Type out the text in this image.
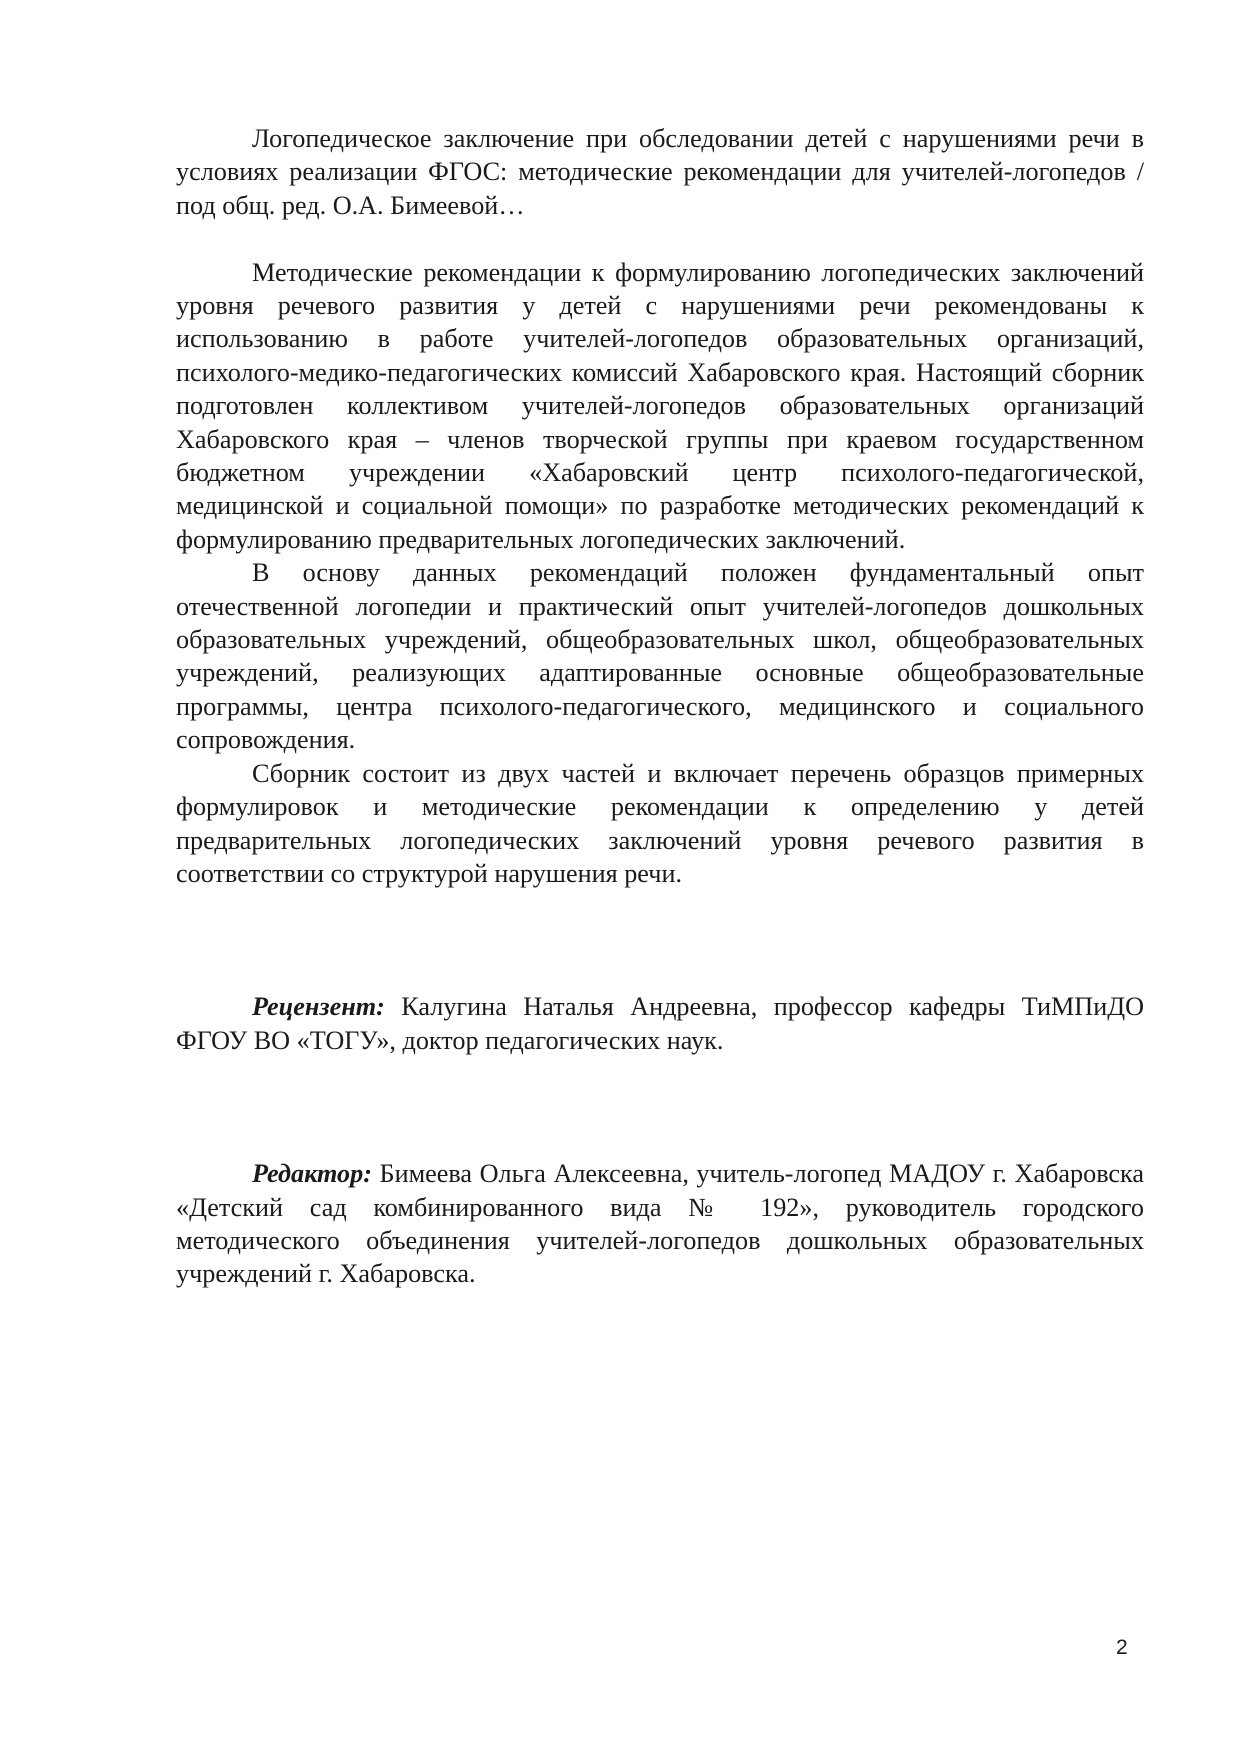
Логопедическое заключение при обследовании детей с нарушениями речи в условиях реализации ФГОС: методические рекомендации для учителей-логопедов / под общ. ред. О.А. Бимеевой…

Методические рекомендации к формулированию логопедических заключений уровня речевого развития у детей с нарушениями речи рекомендованы к использованию в работе учителей-логопедов образовательных организаций, психолого-медико-педагогических комиссий Хабаровского края. Настоящий сборник подготовлен коллективом учителей-логопедов образовательных организаций Хабаровского края – членов творческой группы при краевом государственном бюджетном учреждении «Хабаровский центр психолого-педагогической, медицинской и социальной помощи» по разработке методических рекомендаций к формулированию предварительных логопедических заключений.

В основу данных рекомендаций положен фундаментальный опыт отечественной логопедии и практический опыт учителей-логопедов дошкольных образовательных учреждений, общеобразовательных школ, общеобразовательных учреждений, реализующих адаптированные основные общеобразовательные программы, центра психолого-педагогического, медицинского и социального сопровождения.

Сборник состоит из двух частей и включает перечень образцов примерных формулировок и методические рекомендации к определению у детей предварительных логопедических заключений уровня речевого развития в соответствии со структурой нарушения речи.

Рецензент: Калугина Наталья Андреевна, профессор кафедры ТиМПиДО ФГОУ ВО «ТОГУ», доктор педагогических наук.

Редактор: Бимеева Ольга Алексеевна, учитель-логопед МАДОУ г. Хабаровска «Детский сад комбинированного вида № 192», руководитель городского методического объединения учителей-логопедов дошкольных образовательных учреждений г. Хабаровска.

2
